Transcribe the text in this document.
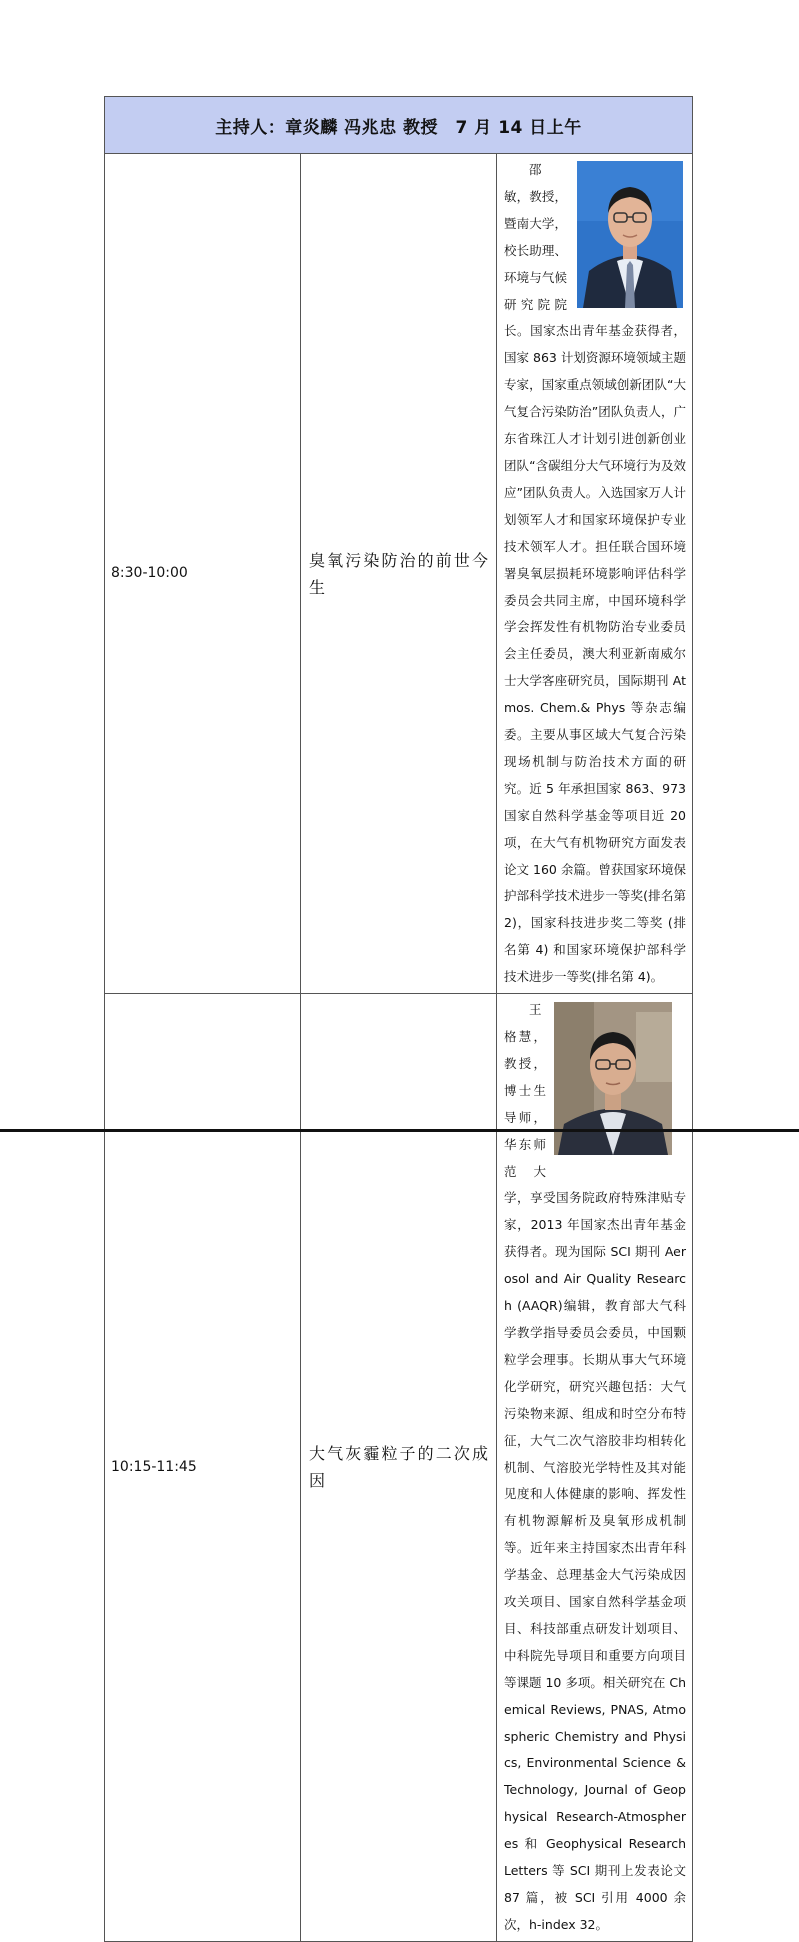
主持人：章炎麟 冯兆忠 教授　7 月 14 日上午		
8:30-10:00	臭氧污染防治的前世今生	邵 敏，教授，暨南大学，校长助理、环境与气候研究院院长。国家杰出青年基金获得者，国家 863 计划资源环境领域主题专家，国家重点领域创新团队“大气复合污染防治”团队负责人，广东省珠江人才计划引进创新创业团队“含碳组分大气环境行为及效应”团队负责人。入选国家万人计划领军人才和国家环境保护专业技术领军人才。担任联合国环境署臭氧层损耗环境影响评估科学委员会共同主席，中国环境科学学会挥发性有机物防治专业委员会主任委员，澳大利亚新南威尔士大学客座研究员，国际期刊 Atmos. Chem.& Phys 等杂志编委。主要从事区域大气复合污染现场机制与防治技术方面的研究。近 5 年承担国家 863、973 国家自然科学基金等项目近 20 项，在大气有机物研究方面发表论文 160 余篇。曾获国家环境保护部科学技术进步一等奖(排名第 2)，国家科技进步奖二等奖 (排名第 4) 和国家环境保护部科学技术进步一等奖(排名第 4)。

10:15-11:45	大气灰霾粒子的二次成因	王格慧，教授，博士生导师，华东师范大学，享受国务院政府特殊津贴专家，2013 年国家杰出青年基金获得者。现为国际 SCI 期刊 Aerosol and Air Quality Research (AAQR)编辑，教育部大气科学教学指导委员会委员，中国颗粒学会理事。长期从事大气环境化学研究，研究兴趣包括：大气污染物来源、组成和时空分布特征，大气二次气溶胶非均相转化机制、气溶胶光学特性及其对能见度和人体健康的影响、挥发性有机物源解析及臭氧形成机制等。近年来主持国家杰出青年科学基金、总理基金大气污染成因攻关项目、国家自然科学基金项目、科技部重点研发计划项目、中科院先导项目和重要方向项目等课题 10 多项。相关研究在 Chemical Reviews, PNAS, Atmospheric Chemistry and Physics, Environmental Science &Technology, Journal of Geophysical Research-Atmospheres 和 Geophysical Research Letters 等 SCI 期刊上发表论文 87 篇，被 SCI 引用 4000 余次，h-index 32。
